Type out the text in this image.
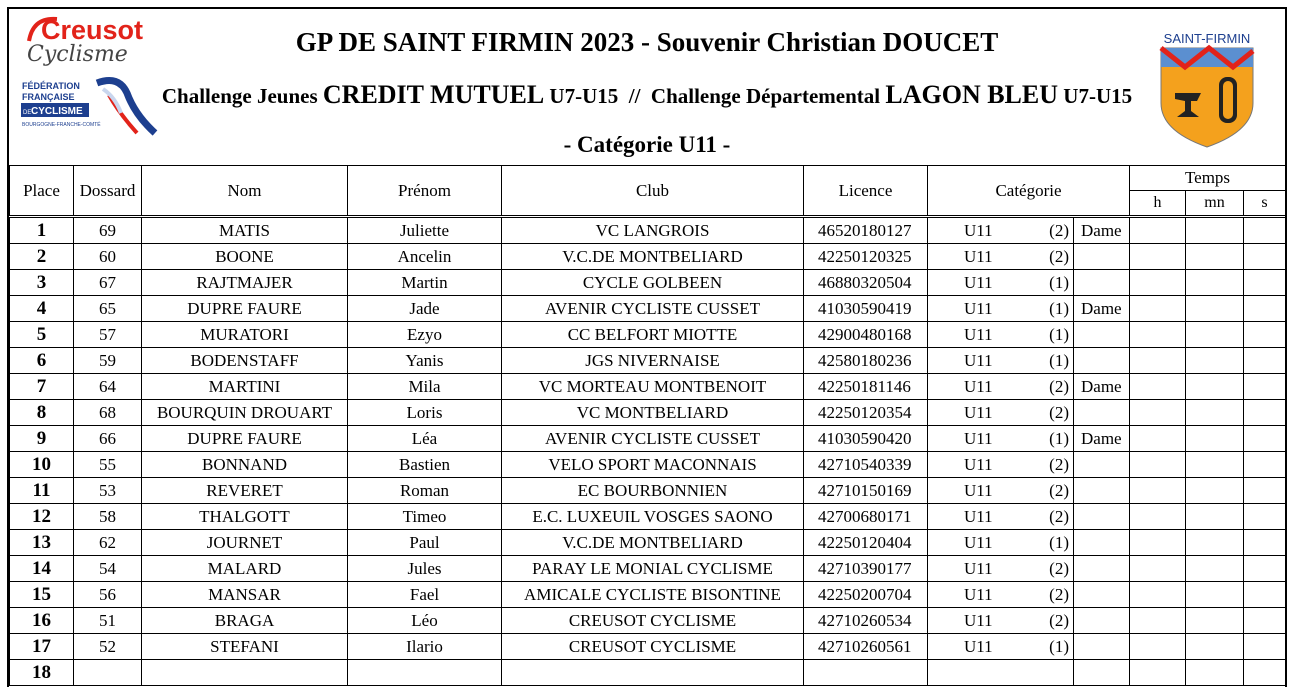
Creusot
Cyclisme
FÉDÉRATION
FRANÇAISE
DE CYCLISME
BOURGOGNE-FRANCHE-COMTÉ
GP DE SAINT FIRMIN 2023 - Souvenir Christian DOUCET
Challenge Jeunes CREDIT MUTUEL U7-U15  //  Challenge Départemental LAGON BLEU U7-U15
- Catégorie U11 -
SAINT-FIRMIN
Place	Dossard	Nom	Prénom	Club	Licence	Catégorie			Temps		
									h	mn	s
1	69	MATIS	Juliette	VC LANGROIS	46520180127	U11	(2)	Dame			
2	60	BOONE	Ancelin	V.C.DE MONTBELIARD	42250120325	U11	(2)				
3	67	RAJTMAJER	Martin	CYCLE GOLBEEN	46880320504	U11	(1)				
4	65	DUPRE FAURE	Jade	AVENIR CYCLISTE CUSSET	41030590419	U11	(1)	Dame			
5	57	MURATORI	Ezyo	CC BELFORT MIOTTE	42900480168	U11	(1)				
6	59	BODENSTAFF	Yanis	JGS NIVERNAISE	42580180236	U11	(1)				
7	64	MARTINI	Mila	VC MORTEAU MONTBENOIT	42250181146	U11	(2)	Dame			
8	68	BOURQUIN DROUART	Loris	VC MONTBELIARD	42250120354	U11	(2)				
9	66	DUPRE FAURE	Léa	AVENIR CYCLISTE CUSSET	41030590420	U11	(1)	Dame			
10	55	BONNAND	Bastien	VELO SPORT MACONNAIS	42710540339	U11	(2)				
11	53	REVERET	Roman	EC BOURBONNIEN	42710150169	U11	(2)				
12	58	THALGOTT	Timeo	E.C. LUXEUIL VOSGES SAONO	42700680171	U11	(2)				
13	62	JOURNET	Paul	V.C.DE MONTBELIARD	42250120404	U11	(1)				
14	54	MALARD	Jules	PARAY LE MONIAL CYCLISME	42710390177	U11	(2)				
15	56	MANSAR	Fael	AMICALE CYCLISTE BISONTINE	42250200704	U11	(2)				
16	51	BRAGA	Léo	CREUSOT CYCLISME	42710260534	U11	(2)				
17	52	STEFANI	Ilario	CREUSOT CYCLISME	42710260561	U11	(1)				
18											
